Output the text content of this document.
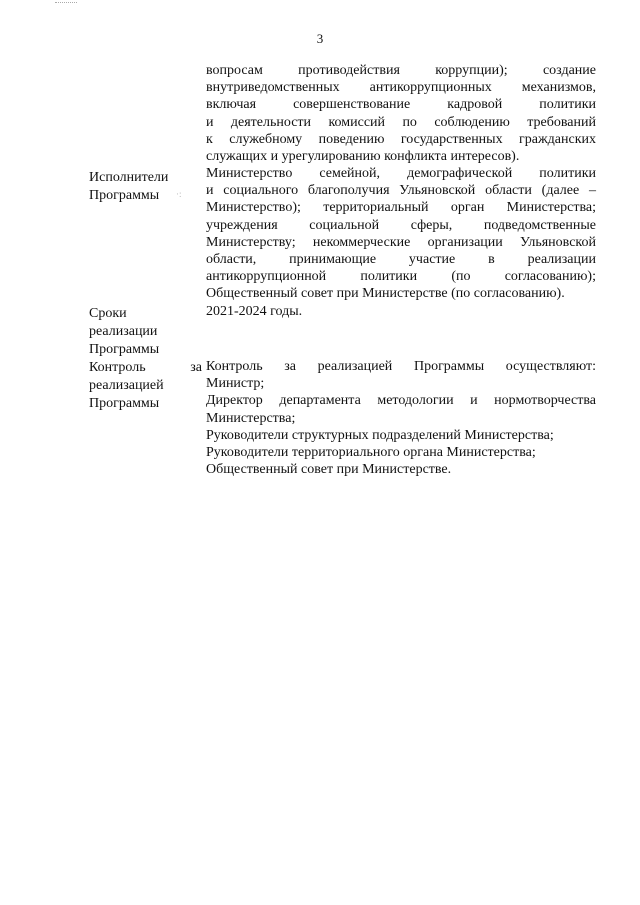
3

вопросам противодействия коррупции); создание

внутриведомственных антикоррупционных механизмов,

включая совершенствование кадровой политики

и деятельности комиссий по соблюдению требований

к служебному поведению государственных гражданских

служащих и урегулированию конфликта интересов).

Исполнители
Программы	·:

Министерство семейной, демографической политики

и социального благополучия Ульяновской области (далее –

Министерство); территориальный орган Министерства;

учреждения социальной сферы, подведомственные

Министерству; некоммерческие организации Ульяновской

области, принимающие участие в реализации

антикоррупционной политики (по согласованию);

Общественный совет при Министерстве (по согласованию).

Сроки
реализации
Программы

2021-2024 годы.

Контроль за
реализацией
Программы

Контроль за реализацией Программы осуществляют:

Министр;

Директор департамента методологии и нормотворчества

Министерства;

Руководители структурных подразделений Министерства;

Руководители территориального органа Министерства;

Общественный совет при Министерстве.
